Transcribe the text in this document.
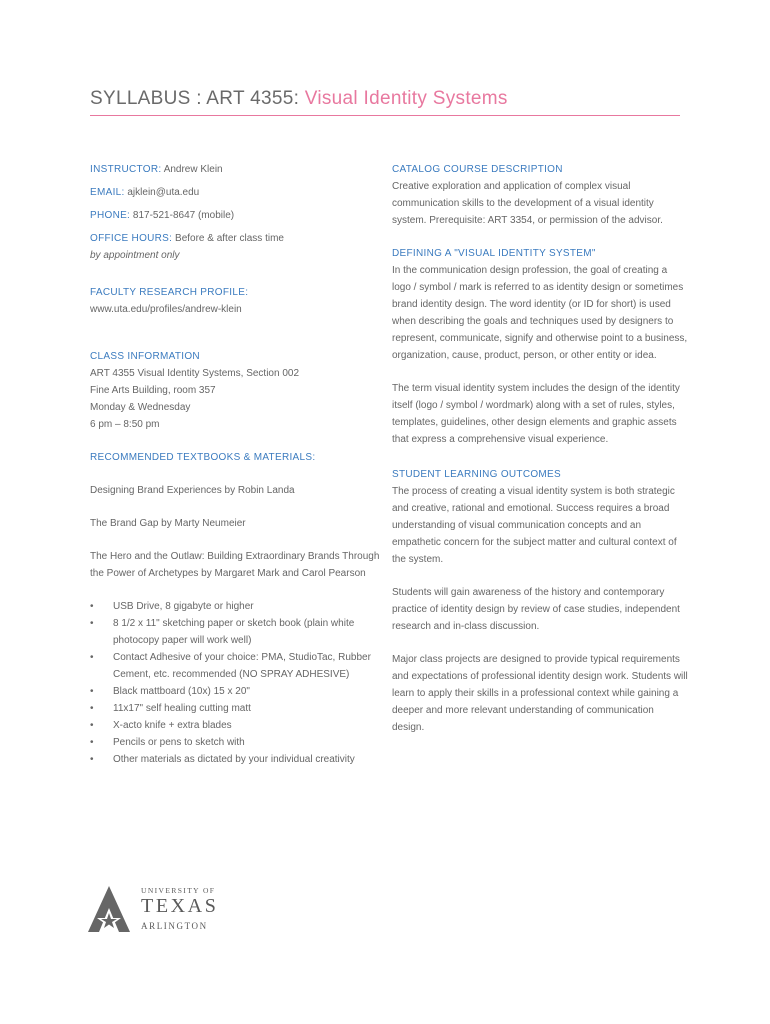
SYLLABUS : ART 4355: Visual Identity Systems
INSTRUCTOR: Andrew Klein
EMAIL: ajklein@uta.edu
PHONE: 817-521-8647 (mobile)
OFFICE HOURS: Before & after class time
by appointment only
FACULTY RESEARCH PROFILE:
www.uta.edu/profiles/andrew-klein
CLASS INFORMATION
ART 4355 Visual Identity Systems, Section 002
Fine Arts Building, room 357
Monday & Wednesday
6 pm – 8:50 pm
RECOMMENDED TEXTBOOKS & MATERIALS:
Designing Brand Experiences by Robin Landa
The Brand Gap by Marty Neumeier
The Hero and the Outlaw: Building Extraordinary Brands Through the Power of Archetypes by Margaret Mark and Carol Pearson
• USB Drive, 8 gigabyte or higher
• 8 1/2 x 11" sketching paper or sketch book (plain white photocopy paper will work well)
• Contact Adhesive of your choice: PMA, StudioTac, Rubber Cement, etc. recommended (NO SPRAY ADHESIVE)
• Black mattboard (10x) 15 x 20"
• 11x17" self healing cutting matt
• X-acto knife + extra blades
• Pencils or pens to sketch with
• Other materials as dictated by your individual creativity
CATALOG COURSE DESCRIPTION
Creative exploration and application of complex visual communication skills to the development of a visual identity system. Prerequisite: ART 3354, or permission of the advisor.
DEFINING A "VISUAL IDENTITY SYSTEM"
In the communication design profession, the goal of creating a logo / symbol / mark is referred to as identity design or sometimes brand identity design. The word identity (or ID for short) is used when describing the goals and techniques used by designers to represent, communicate, signify and otherwise point to a business, organization, cause, product, person, or other entity or idea.
The term visual identity system includes the design of the identity itself (logo / symbol / wordmark) along with a set of rules, styles, templates, guidelines, other design elements and graphic assets that express a comprehensive visual experience.
STUDENT LEARNING OUTCOMES
The process of creating a visual identity system is both strategic and creative, rational and emotional. Success requires a broad understanding of visual communication concepts and an empathetic concern for the subject matter and cultural context of the system.
Students will gain awareness of the history and contemporary practice of identity design by review of case studies, independent research and in-class discussion.
Major class projects are designed to provide typical requirements and expectations of professional identity design work. Students will learn to apply their skills in a professional context while gaining a deeper and more relevant understanding of communication design.
UNIVERSITY OF
TEXAS
ARLINGTON
